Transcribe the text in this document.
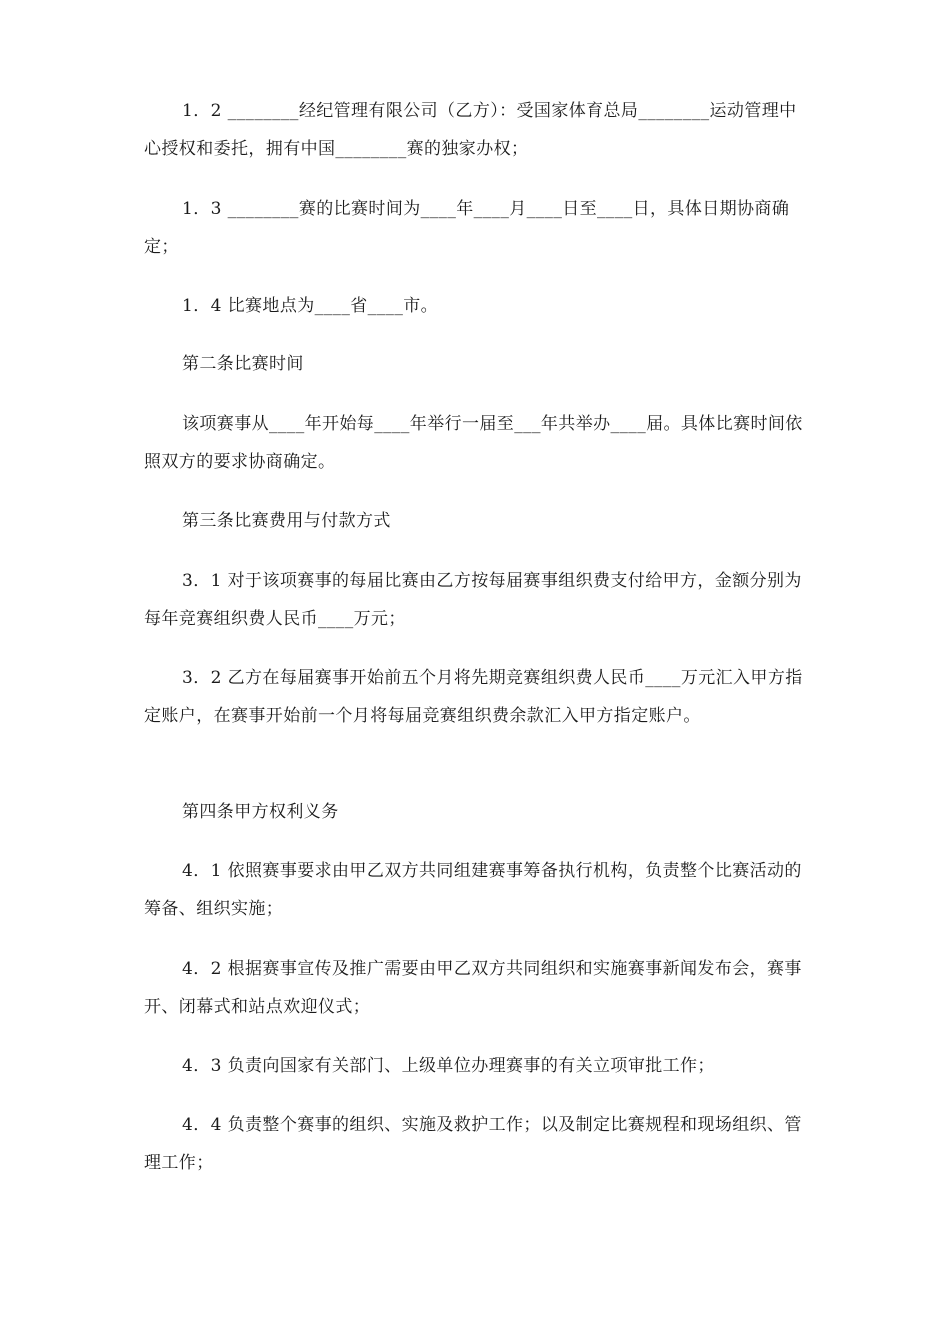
1．2 ________经纪管理有限公司（乙方）：受国家体育总局________运动管理中心授权和委托，拥有中国________赛的独家办权；

1．3 ________赛的比赛时间为____年____月____日至____日，具体日期协商确定；

1．4 比赛地点为____省____市。

第二条比赛时间

该项赛事从____年开始每____年举行一届至___年共举办____届。具体比赛时间依照双方的要求协商确定。

第三条比赛费用与付款方式

3．1 对于该项赛事的每届比赛由乙方按每届赛事组织费支付给甲方，金额分别为每年竞赛组织费人民币____万元；

3．2 乙方在每届赛事开始前五个月将先期竞赛组织费人民币____万元汇入甲方指定账户，在赛事开始前一个月将每届竞赛组织费余款汇入甲方指定账户。

第四条甲方权利义务

4．1 依照赛事要求由甲乙双方共同组建赛事筹备执行机构，负责整个比赛活动的筹备、组织实施；

4．2 根据赛事宣传及推广需要由甲乙双方共同组织和实施赛事新闻发布会，赛事开、闭幕式和站点欢迎仪式；

4．3 负责向国家有关部门、上级单位办理赛事的有关立项审批工作；

4．4 负责整个赛事的组织、实施及救护工作；以及制定比赛规程和现场组织、管理工作；
